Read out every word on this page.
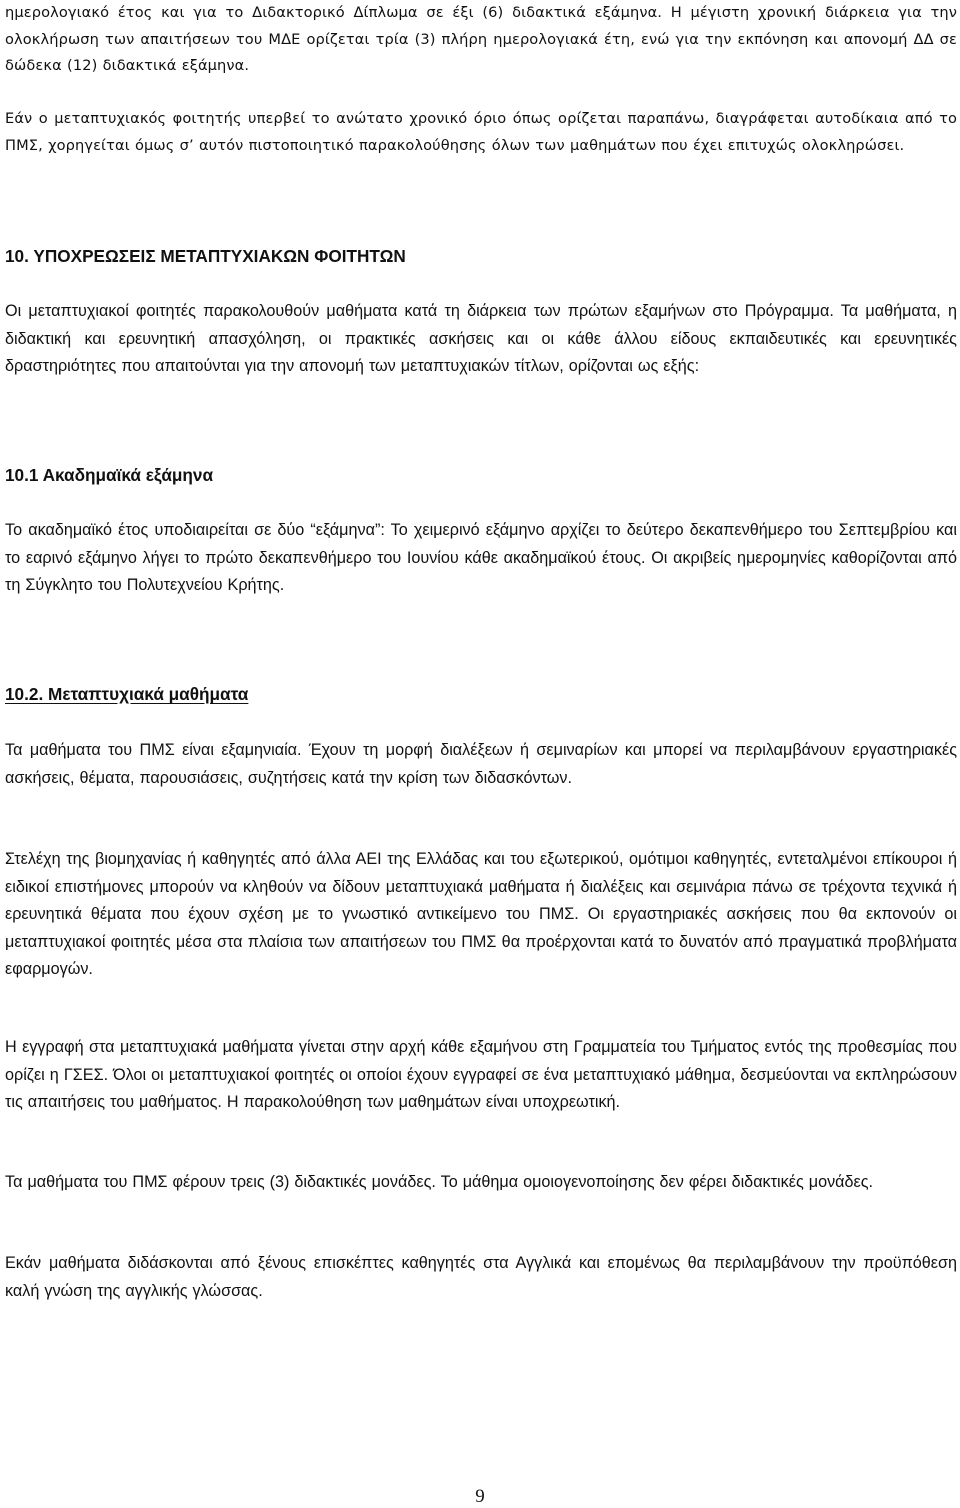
ημερολογιακό έτος και για το Διδακτορικό Δίπλωμα σε έξι (6) διδακτικά εξάμηνα. Η μέγιστη χρονική διάρκεια για την ολοκλήρωση των απαιτήσεων του ΜΔΕ ορίζεται τρία (3) πλήρη ημερολογιακά έτη, ενώ για την εκπόνηση και απονομή ΔΔ σε δώδεκα (12) διδακτικά εξάμηνα.

Εάν ο μεταπτυχιακός φοιτητής υπερβεί το ανώτατο χρονικό όριο όπως ορίζεται παραπάνω, διαγράφεται αυτοδίκαια από το ΠΜΣ, χορηγείται όμως σ’ αυτόν πιστοποιητικό παρακολούθησης όλων των μαθημάτων που έχει επιτυχώς ολοκληρώσει.

10. ΥΠΟΧΡΕΩΣΕΙΣ ΜΕΤΑΠΤΥΧΙΑΚΩΝ ΦΟΙΤΗΤΩΝ

Οι μεταπτυχιακοί φοιτητές παρακολουθούν μαθήματα κατά τη διάρκεια των πρώτων εξαμήνων στο Πρόγραμμα. Τα μαθήματα, η διδακτική και ερευνητική απασχόληση, οι πρακτικές ασκήσεις και οι κάθε άλλου είδους εκπαιδευτικές και ερευνητικές δραστηριότητες που απαιτούνται για την απονομή των μεταπτυχιακών τίτλων, ορίζονται ως εξής:

10.1 Ακαδημαϊκά εξάμηνα

Το ακαδημαϊκό έτος υποδιαιρείται σε δύο “εξάμηνα”: Το χειμερινό εξάμηνο αρχίζει το δεύτερο δεκαπενθήμερο του Σεπτεμβρίου και το εαρινό εξάμηνο λήγει το πρώτο δεκαπενθήμερο του Ιουνίου κάθε ακαδημαϊκού έτους. Οι ακριβείς ημερομηνίες καθορίζονται από τη Σύγκλητο του Πολυτεχνείου Κρήτης.

10.2. Μεταπτυχιακά μαθήματα

Τα μαθήματα του ΠΜΣ είναι εξαμηνιαία. Έχουν τη μορφή διαλέξεων ή σεμιναρίων και μπορεί να περιλαμβάνουν εργαστηριακές ασκήσεις, θέματα, παρουσιάσεις, συζητήσεις κατά την κρίση των διδασκόντων.

Στελέχη της βιομηχανίας ή καθηγητές από άλλα ΑΕΙ της Ελλάδας και του εξωτερικού, ομότιμοι καθηγητές, εντεταλμένοι επίκουροι ή ειδικοί επιστήμονες μπορούν να κληθούν να δίδουν μεταπτυχιακά μαθήματα ή διαλέξεις και σεμινάρια πάνω σε τρέχοντα τεχνικά ή ερευνητικά θέματα που έχουν σχέση με το γνωστικό αντικείμενο του ΠΜΣ. Οι εργαστηριακές ασκήσεις που θα εκπονούν οι μεταπτυχιακοί φοιτητές μέσα στα πλαίσια των απαιτήσεων του ΠΜΣ θα προέρχονται κατά το δυνατόν από πραγματικά προβλήματα εφαρμογών.

Η εγγραφή στα μεταπτυχιακά μαθήματα γίνεται στην αρχή κάθε εξαμήνου στη Γραμματεία του Τμήματος εντός της προθεσμίας που ορίζει η ΓΣΕΣ. Όλοι οι μεταπτυχιακοί φοιτητές οι οποίοι έχουν εγγραφεί σε ένα μεταπτυχιακό μάθημα, δεσμεύονται να εκπληρώσουν τις απαιτήσεις του μαθήματος. Η παρακολούθηση των μαθημάτων είναι υποχρεωτική.

Τα μαθήματα του ΠΜΣ φέρουν τρεις (3) διδακτικές μονάδες. Το μάθημα ομοιογενοποίησης δεν φέρει διδακτικές μονάδες.

Εκάν μαθήματα διδάσκονται από ξένους επισκέπτες καθηγητές στα Αγγλικά και επομένως θα περιλαμβάνουν την προϋπόθεση καλή γνώση της αγγλικής γλώσσας.

9
